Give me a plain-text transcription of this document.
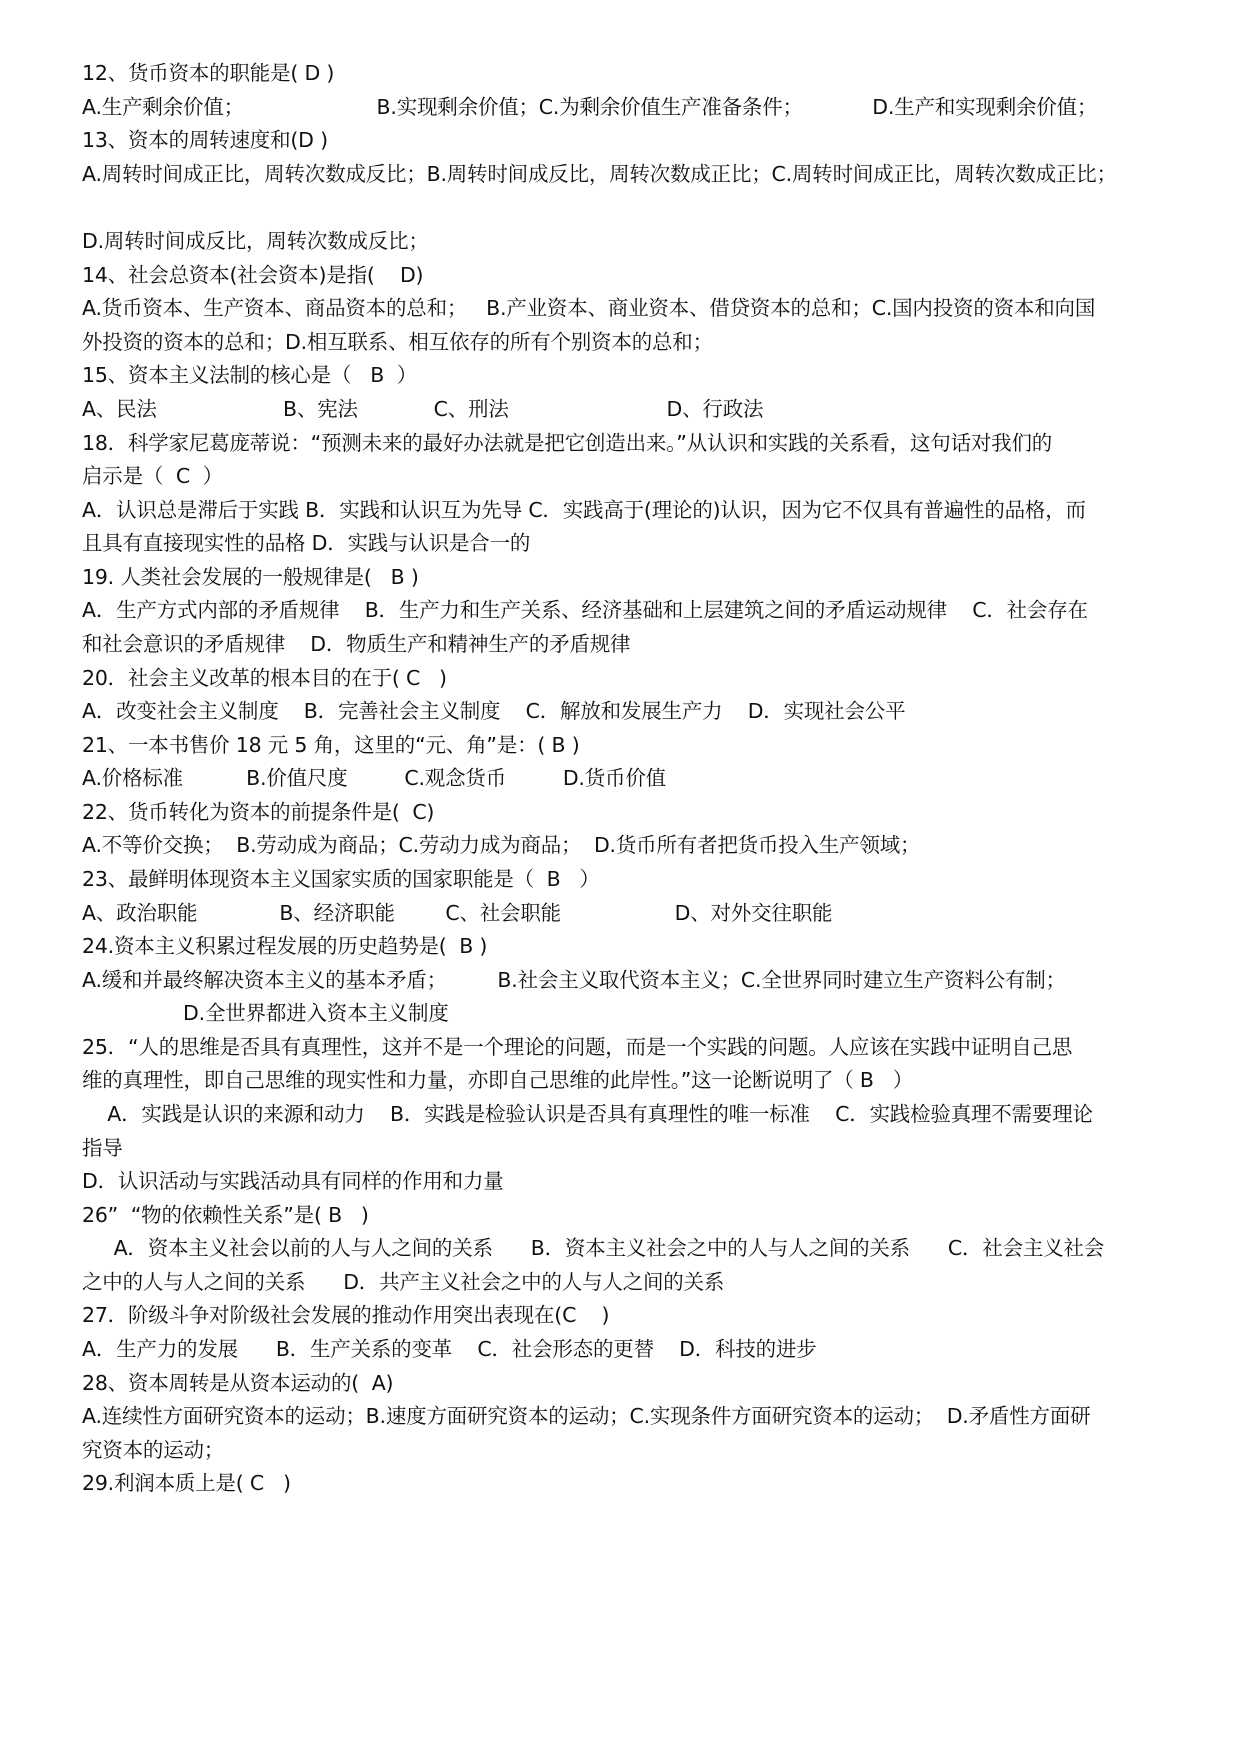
12、货币资本的职能是( D )
A.生产剩余价值；                     B.实现剩余价值；C.为剩余价值生产准备条件；           D.生产和实现剩余价值；
13、资本的周转速度和(D )
A.周转时间成正比，周转次数成反比；B.周转时间成反比，周转次数成正比；C.周转时间成正比，周转次数成正比；
D.周转时间成反比，周转次数成反比；
14、社会总资本(社会资本)是指(    D)
A.货币资本、生产资本、商品资本的总和；   B.产业资本、商业资本、借贷资本的总和；C.国内投资的资本和向国
外投资的资本的总和；D.相互联系、相互依存的所有个别资本的总和；
15、资本主义法制的核心是（   B  ）
A、民法                    B、宪法            C、刑法                         D、行政法
18．科学家尼葛庞蒂说：“预测未来的最好办法就是把它创造出来。”从认识和实践的关系看，这句话对我们的
启示是（  C  ）
A．认识总是滞后于实践 B．实践和认识互为先导 C．实践高于(理论的)认识，因为它不仅具有普遍性的品格，而
且具有直接现实性的品格 D．实践与认识是合一的
19. 人类社会发展的一般规律是(   B )
A．生产方式内部的矛盾规律    B．生产力和生产关系、经济基础和上层建筑之间的矛盾运动规律    C．社会存在
和社会意识的矛盾规律    D．物质生产和精神生产的矛盾规律
20．社会主义改革的根本目的在于( C   )
A．改变社会主义制度    B．完善社会主义制度    C．解放和发展生产力    D．实现社会公平
21、一本书售价 18 元 5 角，这里的“元、角”是：( B )
A.价格标准          B.价值尺度         C.观念货币         D.货币价值
22、货币转化为资本的前提条件是(  C)
A.不等价交换；  B.劳动成为商品；C.劳动力成为商品；  D.货币所有者把货币投入生产领域；
23、最鲜明体现资本主义国家实质的国家职能是（  B   ）
A、政治职能             B、经济职能        C、社会职能                  D、对外交往职能
24.资本主义积累过程发展的历史趋势是(  B )
A.缓和并最终解决资本主义的基本矛盾；        B.社会主义取代资本主义；C.全世界同时建立生产资料公有制；
D.全世界都进入资本主义制度
25．“人的思维是否具有真理性，这并不是一个理论的问题，而是一个实践的问题。人应该在实践中证明自己思
维的真理性，即自己思维的现实性和力量，亦即自己思维的此岸性。”这一论断说明了（ B   ）
A．实践是认识的来源和动力    B．实践是检验认识是否具有真理性的唯一标准    C．实践检验真理不需要理论
指导
D．认识活动与实践活动具有同样的作用和力量
26”  “物的依赖性关系”是( B   )
A．资本主义社会以前的人与人之间的关系      B．资本主义社会之中的人与人之间的关系      C．社会主义社会
之中的人与人之间的关系      D．共产主义社会之中的人与人之间的关系
27．阶级斗争对阶级社会发展的推动作用突出表现在(C    )
A．生产力的发展      B．生产关系的变革    C．社会形态的更替    D．科技的进步
28、资本周转是从资本运动的(  A)
A.连续性方面研究资本的运动；B.速度方面研究资本的运动；C.实现条件方面研究资本的运动；  D.矛盾性方面研
究资本的运动；
29.利润本质上是( C   )
